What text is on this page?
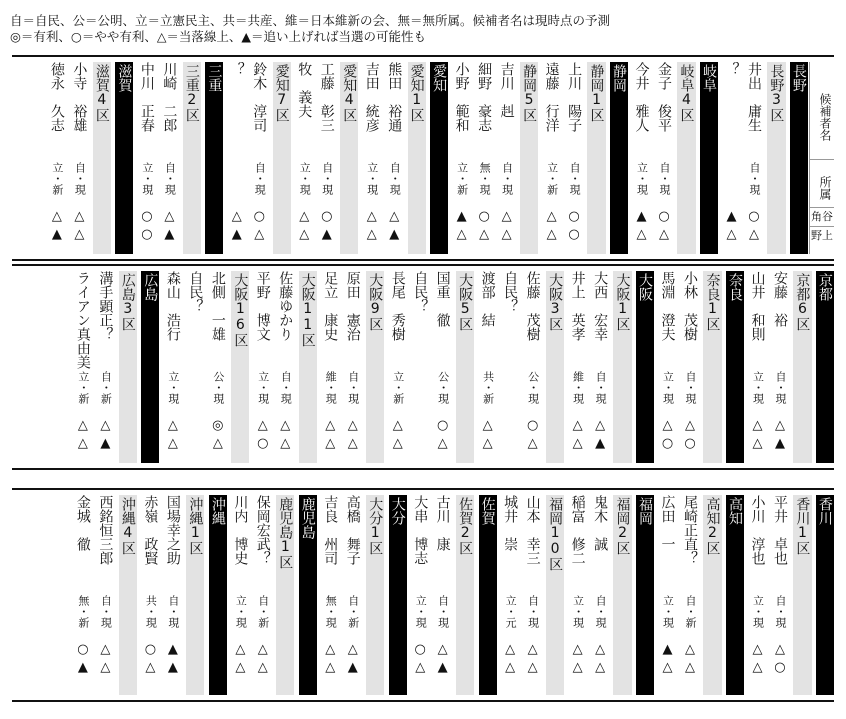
自＝自民、公＝公明、立＝立憲民主、共＝共産、維＝日本維新の会、無＝無所属。候補者名は現時点の予測
◎＝有利、○＝やや有利、△＝当落線上、▲＝追い上げれば当選の可能性も
候補者名
所属
角谷
野上
長野
長野3区
井出　庸生
自・現
○
△
？
▲
△
岐阜
岐阜4区
金子　俊平
自・現
○
△
今井　雅人
立・現
▲
△
静岡
静岡1区
上川　陽子
自・現
○
○
遠藤　行洋
立・新
△
△
静岡5区
吉川　赳
自・現
△
△
細野　豪志
無・現
○
△
小野　範和
立・新
▲
△
愛知
愛知1区
熊田　裕通
自・現
△
▲
吉田　統彦
立・現
△
△
愛知4区
工藤　彰三
自・現
○
▲
牧　義夫
立・現
△
△
愛知7区
鈴木　淳司
自・現
○
△
？
△
▲
三重
三重2区
川崎　二郎
自・現
△
▲
中川　正春
立・現
○
○
滋賀
滋賀4区
小寺　裕雄
自・現
△
△
徳永　久志
立・新
△
▲
京都
京都6区
安藤　裕
自・現
△
▲
山井　和則
立・現
△
△
奈良
奈良1区
小林　茂樹
自・現
△
○
馬淵　澄夫
立・現
△
○
大阪
大阪1区
大西　宏幸
自・現
△
▲
井上　英孝
維・現
△
△
大阪3区
佐藤　茂樹
公・現
○
△
自民？
渡部　結
共・新
△
△
大阪5区
国重　徹
公・現
○
△
自民？
長尾　秀樹
立・新
△
△
大阪9区
原田　憲治
自・現
△
△
足立　康史
維・現
△
△
大阪11区
佐藤ゆかり
自・現
△
△
平野　博文
立・現
△
○
大阪16区
北側　一雄
公・現
◎
△
自民？
森山　浩行
立・現
△
△
広島
広島3区
溝手顕正？
自・新
△
▲
ライアン真由美
立・新
△
△
香川
香川1区
平井　卓也
自・現
△
○
小川　淳也
立・現
△
△
高知
高知2区
尾崎正直？
自・新
△
△
広田　一
立・現
▲
△
福岡
福岡2区
鬼木　誠
自・現
△
△
稲富　修二
立・現
△
△
福岡10区
山本　幸三
自・現
△
△
城井　崇
立・元
△
△
佐賀
佐賀2区
古川　康
自・現
△
▲
大串　博志
立・現
○
△
大分
大分1区
高橋　舞子
自・新
△
▲
吉良　州司
無・現
△
△
鹿児島
鹿児島1区
保岡宏武？
自・新
△
△
川内　博史
立・現
△
△
沖縄
沖縄1区
国場幸之助
自・現
▲
▲
赤嶺　政賢
共・現
○
△
沖縄4区
西銘恒三郎
自・現
△
△
金城　徹
無・新
○
▲
